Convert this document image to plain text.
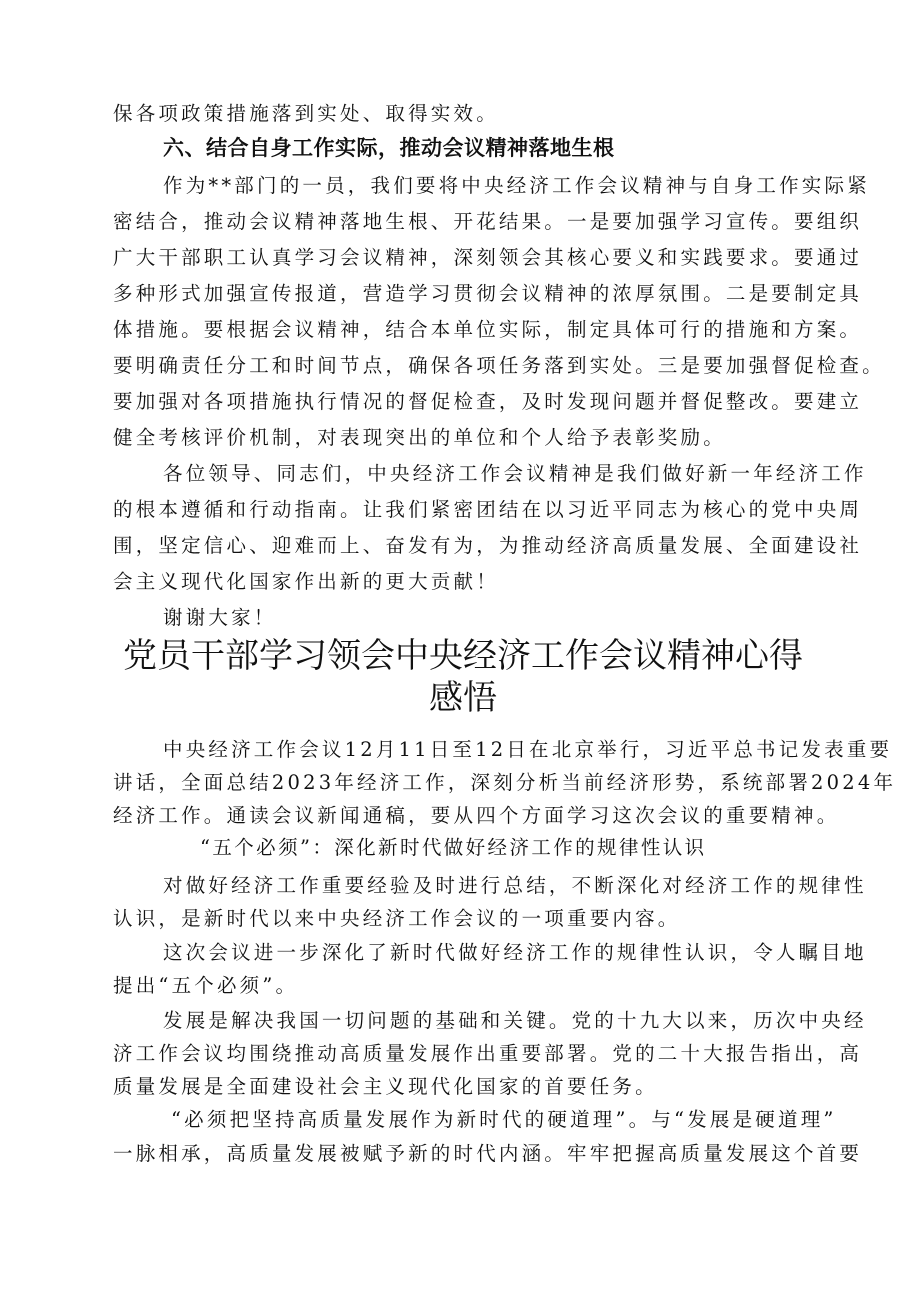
保各项政策措施落到实处、取得实效。
六、结合自身工作实际，推动会议精神落地生根
作为**部门的一员，我们要将中央经济工作会议精神与自身工作实际紧
密结合，推动会议精神落地生根、开花结果。一是要加强学习宣传。要组织
广大干部职工认真学习会议精神，深刻领会其核心要义和实践要求。要通过
多种形式加强宣传报道，营造学习贯彻会议精神的浓厚氛围。二是要制定具
体措施。要根据会议精神，结合本单位实际，制定具体可行的措施和方案。
要明确责任分工和时间节点，确保各项任务落到实处。三是要加强督促检查。
要加强对各项措施执行情况的督促检查，及时发现问题并督促整改。要建立
健全考核评价机制，对表现突出的单位和个人给予表彰奖励。
各位领导、同志们，中央经济工作会议精神是我们做好新一年经济工作
的根本遵循和行动指南。让我们紧密团结在以习近平同志为核心的党中央周
围，坚定信心、迎难而上、奋发有为，为推动经济高质量发展、全面建设社
会主义现代化国家作出新的更大贡献！
谢谢大家！
党员干部学习领会中央经济工作会议精神心得
感悟
中央经济工作会议12月11日至12日在北京举行，习近平总书记发表重要
讲话，全面总结2023年经济工作，深刻分析当前经济形势，系统部署2024年
经济工作。通读会议新闻通稿，要从四个方面学习这次会议的重要精神。
“五个必须”：深化新时代做好经济工作的规律性认识
对做好经济工作重要经验及时进行总结，不断深化对经济工作的规律性
认识，是新时代以来中央经济工作会议的一项重要内容。
这次会议进一步深化了新时代做好经济工作的规律性认识，令人瞩目地
提出“五个必须”。
发展是解决我国一切问题的基础和关键。党的十九大以来，历次中央经
济工作会议均围绕推动高质量发展作出重要部署。党的二十大报告指出，高
质量发展是全面建设社会主义现代化国家的首要任务。
“必须把坚持高质量发展作为新时代的硬道理”。与“发展是硬道理”
一脉相承，高质量发展被赋予新的时代内涵。牢牢把握高质量发展这个首要
